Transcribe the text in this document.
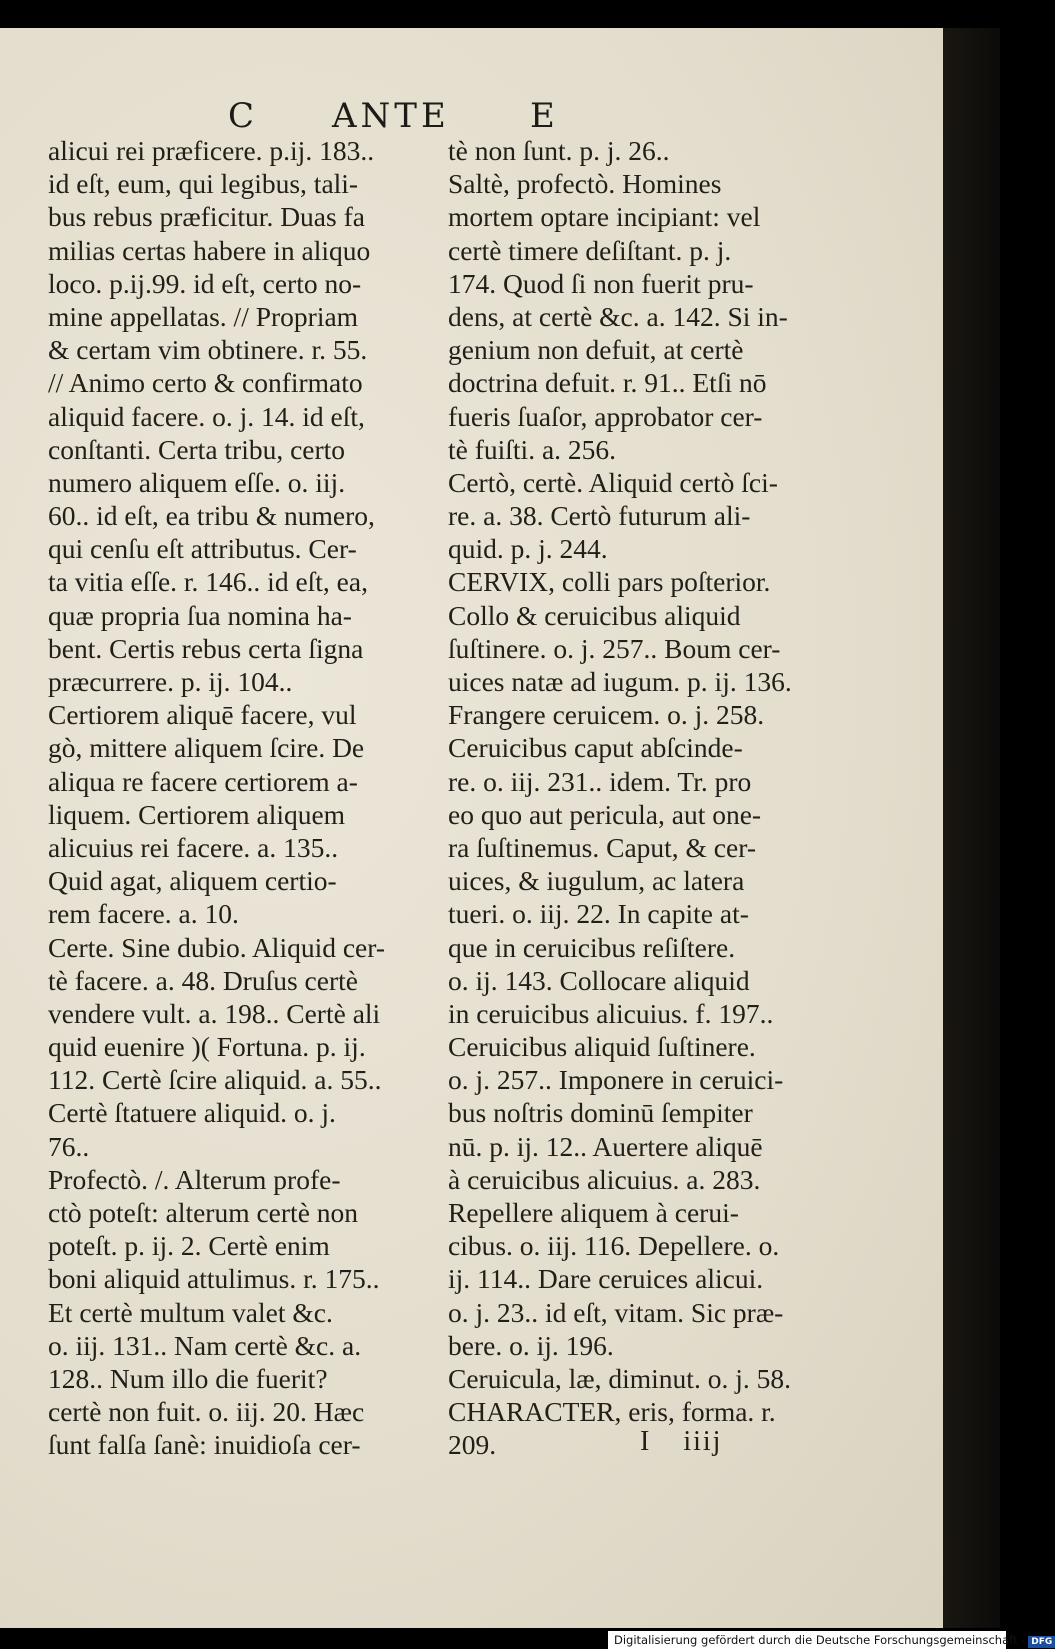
C ANTE E
alicui rei præficere. p.ij. 183..
id eſt, eum, qui legibus, tali-
bus rebus præficitur. Duas fa
milias certas habere in aliquo
loco. p.ij.99. id eſt, certo no-
mine appellatas. // Propriam
& certam vim obtinere. r. 55.
// Animo certo & confirmato
aliquid facere. o. j. 14. id eſt,
conſtanti. Certa tribu, certo
numero aliquem eſſe. o. iij.
60.. id eſt, ea tribu & numero,
qui cenſu eſt attributus. Cer-
ta vitia eſſe. r. 146.. id eſt, ea,
quæ propria ſua nomina ha-
bent. Certis rebus certa ſigna
præcurrere. p. ij. 104..
Certiorem aliquē facere, vul
gò, mittere aliquem ſcire. De
aliqua re facere certiorem a-
liquem. Certiorem aliquem
alicuius rei facere. a. 135..
Quid agat, aliquem certio-
rem facere. a. 10.
Certe. Sine dubio. Aliquid cer-
tè facere. a. 48. Druſus certè
vendere vult. a. 198.. Certè ali
quid euenire )( Fortuna. p. ij.
112. Certè ſcire aliquid. a. 55..
Certè ſtatuere aliquid. o. j.
76..
Profectò. /. Alterum profe-
ctò poteſt: alterum certè non
poteſt. p. ij. 2. Certè enim
boni aliquid attulimus. r. 175..
Et certè multum valet &c.
o. iij. 131.. Nam certè &c. a.
128.. Num illo die fuerit?
certè non fuit. o. iij. 20. Hæc
ſunt falſa ſanè: inuidioſa cer-
tè non ſunt. p. j. 26..
Saltè, profectò. Homines
mortem optare incipiant: vel
certè timere deſiſtant. p. j.
174. Quod ſi non fuerit pru-
dens, at certè &c. a. 142. Si in-
genium non defuit, at certè
doctrina defuit. r. 91.. Etſi nō
fueris ſuaſor, approbator cer-
tè fuiſti. a. 256.
Certò, certè. Aliquid certò ſci-
re. a. 38. Certò futurum ali-
quid. p. j. 244.
CERVIX, colli pars poſterior.
Collo & ceruicibus aliquid
ſuſtinere. o. j. 257.. Boum cer-
uices natæ ad iugum. p. ij. 136.
Frangere ceruicem. o. j. 258.
Ceruicibus caput abſcinde-
re. o. iij. 231.. idem. Tr. pro
eo quo aut pericula, aut one-
ra ſuſtinemus. Caput, & cer-
uices, & iugulum, ac latera
tueri. o. iij. 22. In capite at-
que in ceruicibus reſiſtere.
o. ij. 143. Collocare aliquid
in ceruicibus alicuius. f. 197..
Ceruicibus aliquid ſuſtinere.
o. j. 257.. Imponere in ceruici-
bus noſtris dominū ſempiter
nū. p. ij. 12.. Auertere aliquē
à ceruicibus alicuius. a. 283.
Repellere aliquem à cerui-
cibus. o. iij. 116. Depellere. o.
ij. 114.. Dare ceruices alicui.
o. j. 23.. id eſt, vitam. Sic præ-
bere. o. ij. 196.
Ceruicula, læ, diminut. o. j. 58.
CHARACTER, eris, forma. r.
209.	I iiij
Digitalisierung gefördert durch die Deutsche Forschungsgemeinschaft - DFG
